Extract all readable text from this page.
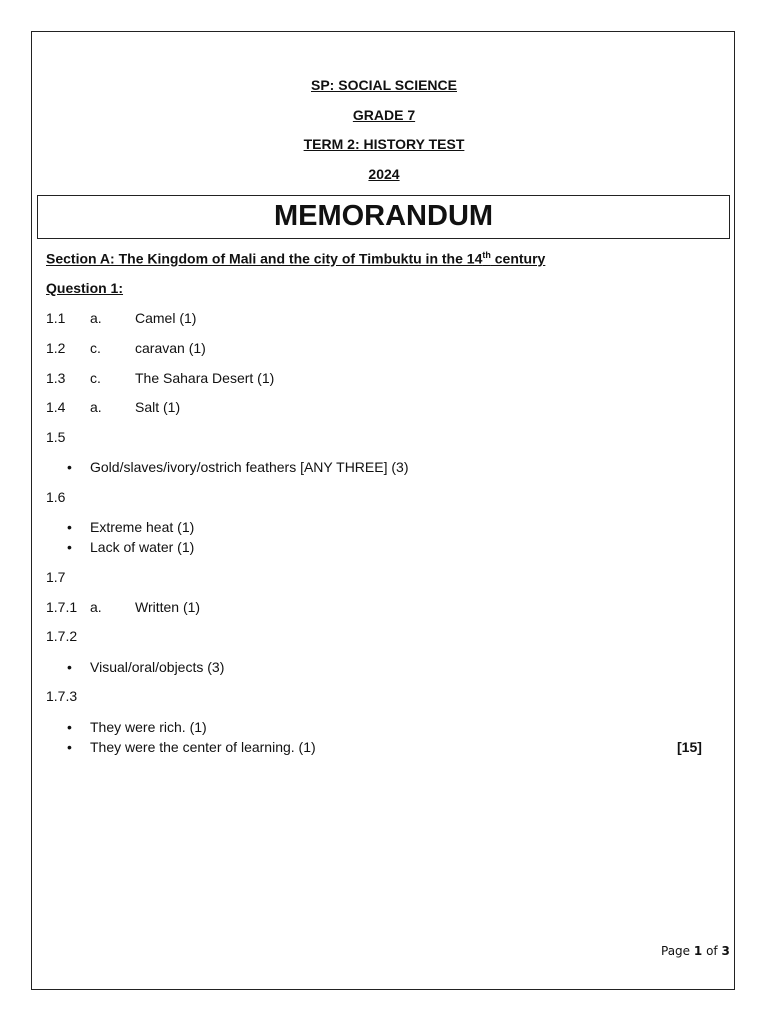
SP: SOCIAL SCIENCE
GRADE 7
TERM 2: HISTORY TEST
2024
MEMORANDUM
Section A: The Kingdom of Mali and the city of Timbuktu in the 14th century
Question 1:
1.1 a. Camel (1)
1.2 c. caravan (1)
1.3 c. The Sahara Desert (1)
1.4 a. Salt (1)
1.5
• Gold/slaves/ivory/ostrich feathers [ANY THREE] (3)
1.6
• Extreme heat (1)
• Lack of water (1)
1.7
1.7.1 a. Written (1)
1.7.2
• Visual/oral/objects (3)
1.7.3
• They were rich. (1)
• They were the center of learning. (1)	[15]
Page 1 of 3
